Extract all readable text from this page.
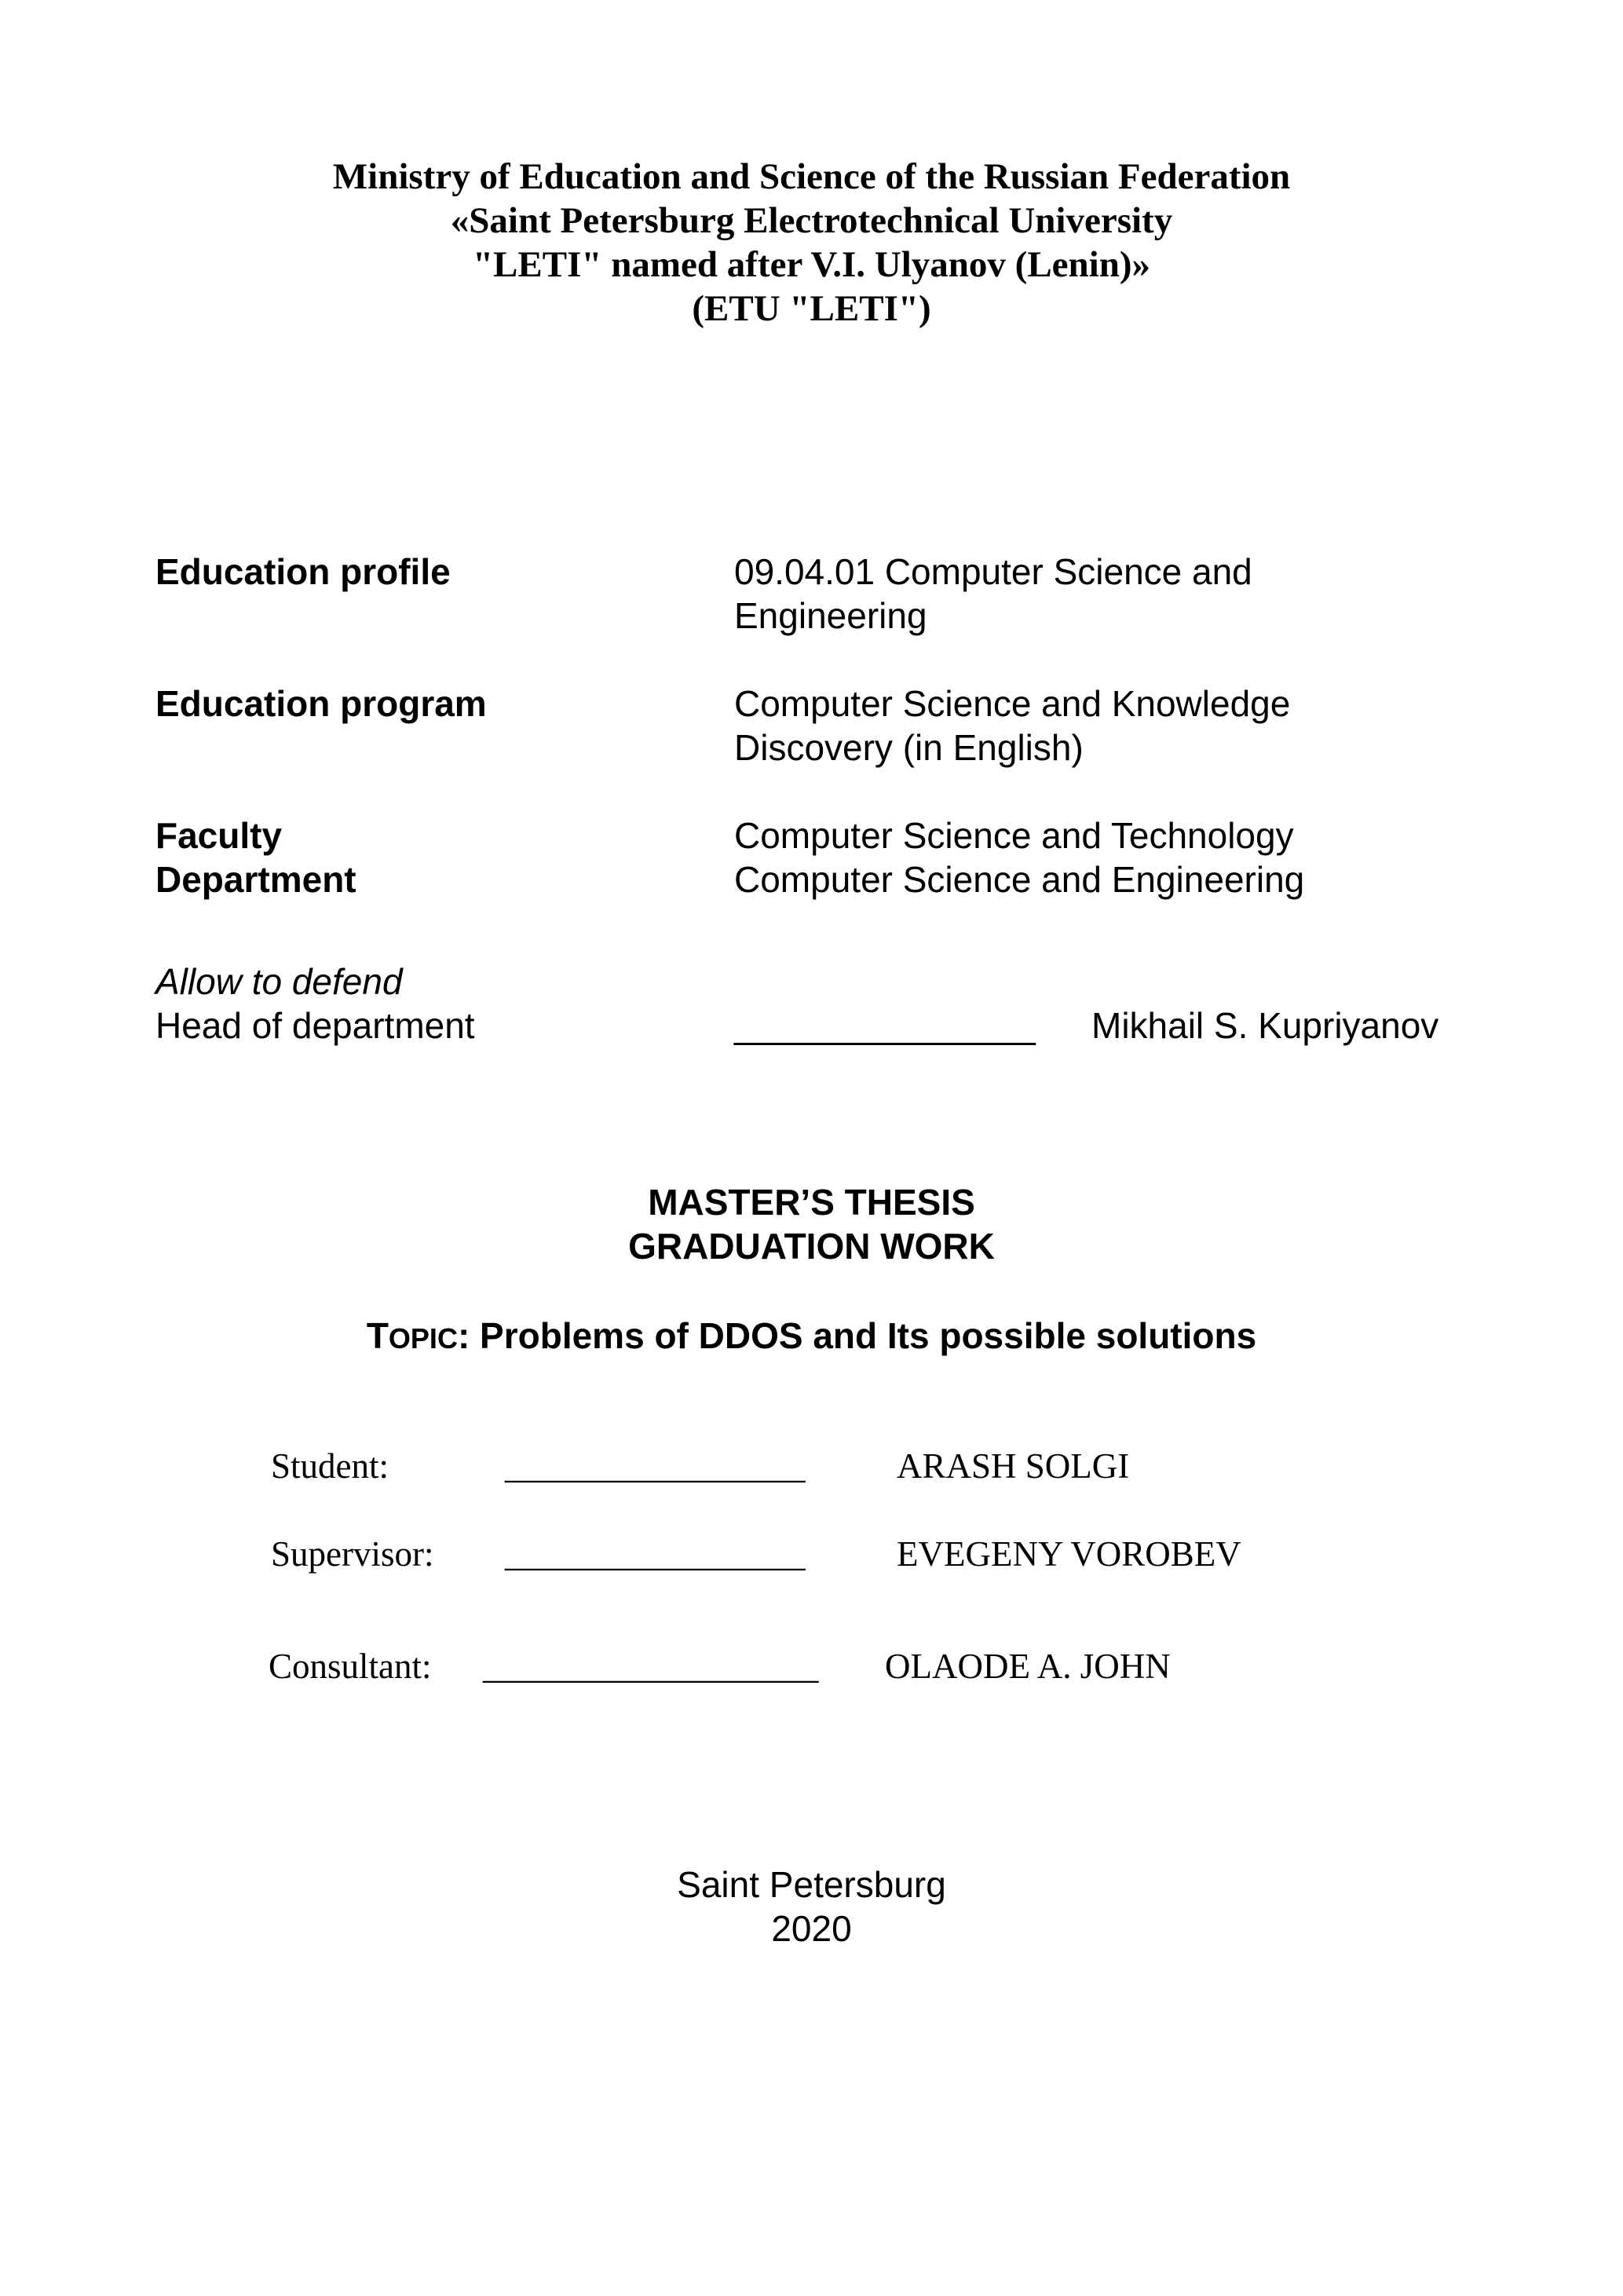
Ministry of Education and Science of the Russian Federation
«Saint Petersburg Electrotechnical University
"LETI" named after V.I. Ulyanov (Lenin)»
(ETU "LETI")
Education profile	09.04.01 Computer Science and
Engineering
Education program	Computer Science and Knowledge
Discovery (in English)
Faculty	Computer Science and Technology
Department	Computer Science and Engineering
Allow to defend
Head of department	_______________ Mikhail S. Kupriyanov
MASTER’S THESIS
GRADUATION WORK
TOPIC: Problems of DDOS and Its possible solutions
Student:	_________________	ARASH SOLGI
Supervisor: _________________	EVEGENY VOROBEV
Consultant: ___________________ OLAODE A. JOHN
Saint Petersburg
2020
